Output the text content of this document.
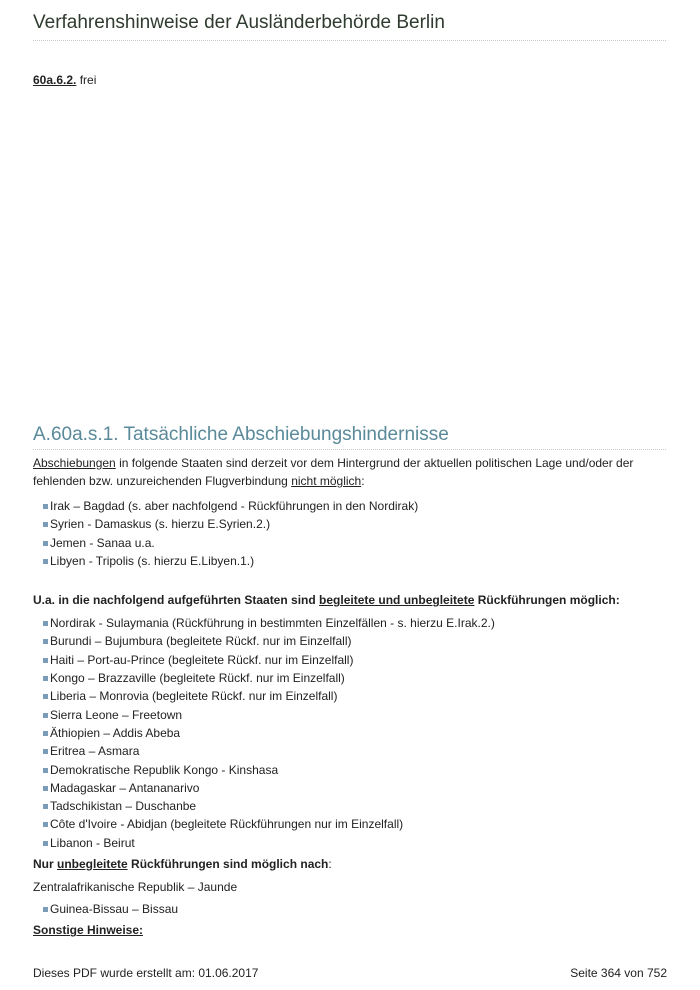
Verfahrenshinweise der Ausländerbehörde Berlin
60a.6.2. frei
A.60a.s.1. Tatsächliche Abschiebungshindernisse

Abschiebungen in folgende Staaten sind derzeit vor dem Hintergrund der aktuellen politischen Lage und/oder der fehlenden bzw. unzureichenden Flugverbindung nicht möglich:

Irak – Bagdad (s. aber nachfolgend - Rückführungen in den Nordirak)
Syrien - Damaskus (s. hierzu E.Syrien.2.)
Jemen - Sanaa u.a.
Libyen - Tripolis (s. hierzu E.Libyen.1.)

U.a. in die nachfolgend aufgeführten Staaten sind begleitete und unbegleitete Rückführungen möglich:

Nordirak - Sulaymania (Rückführung in bestimmten Einzelfällen - s. hierzu E.Irak.2.)
Burundi – Bujumbura (begleitete Rückf. nur im Einzelfall)
Haiti – Port-au-Prince (begleitete Rückf. nur im Einzelfall)
Kongo – Brazzaville (begleitete Rückf. nur im Einzelfall)
Liberia – Monrovia (begleitete Rückf. nur im Einzelfall)
Sierra Leone – Freetown
Äthiopien – Addis Abeba
Eritrea – Asmara
Demokratische Republik Kongo - Kinshasa
Madagaskar – Antananarivo
Tadschikistan – Duschanbe
Côte d'Ivoire - Abidjan (begleitete Rückführungen nur im Einzelfall)
Libanon - Beirut

Nur unbegleitete Rückführungen sind möglich nach:

Zentralafrikanische Republik – Jaunde

Guinea-Bissau – Bissau

Sonstige Hinweise:

Dieses PDF wurde erstellt am: 01.06.2017	Seite 364 von 752
